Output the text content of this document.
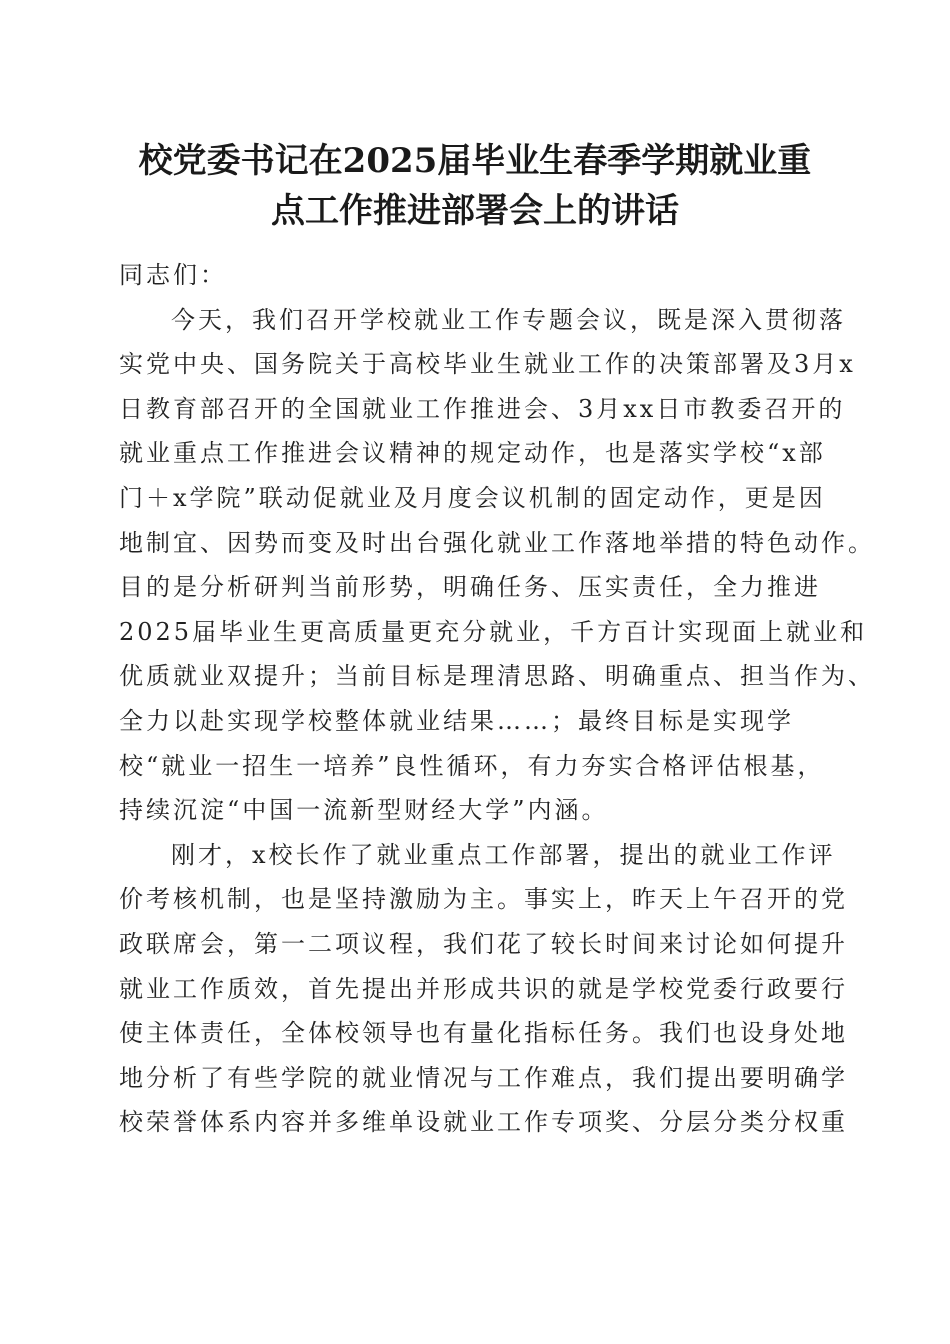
校党委书记在2025届毕业生春季学期就业重
点工作推进部署会上的讲话
同志们：
今天，我们召开学校就业工作专题会议，既是深入贯彻落
实党中央、国务院关于高校毕业生就业工作的决策部署及3月x
日教育部召开的全国就业工作推进会、3月xx日市教委召开的
就业重点工作推进会议精神的规定动作，也是落实学校“x部
门＋x学院”联动促就业及月度会议机制的固定动作，更是因
地制宜、因势而变及时出台强化就业工作落地举措的特色动作。
目的是分析研判当前形势，明确任务、压实责任，全力推进
2025届毕业生更高质量更充分就业，千方百计实现面上就业和
优质就业双提升；当前目标是理清思路、明确重点、担当作为、
全力以赴实现学校整体就业结果……；最终目标是实现学
校“就业一招生一培养”良性循环，有力夯实合格评估根基，
持续沉淀“中国一流新型财经大学”内涵。
刚才，x校长作了就业重点工作部署，提出的就业工作评
价考核机制，也是坚持激励为主。事实上，昨天上午召开的党
政联席会，第一二项议程，我们花了较长时间来讨论如何提升
就业工作质效，首先提出并形成共识的就是学校党委行政要行
使主体责任，全体校领导也有量化指标任务。我们也设身处地
地分析了有些学院的就业情况与工作难点，我们提出要明确学
校荣誉体系内容并多维单设就业工作专项奖、分层分类分权重
